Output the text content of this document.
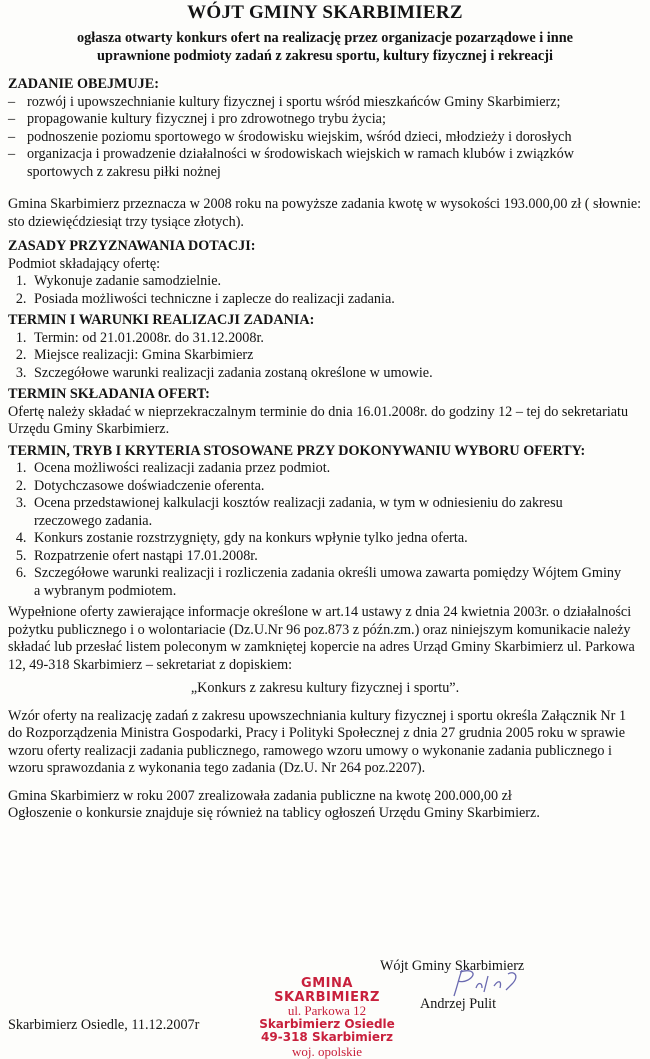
WÓJT GMINY SKARBIMIERZ
ogłasza otwarty konkurs ofert na realizację przez organizacje pozarządowe i inne
uprawnione podmioty zadań z zakresu sportu, kultury fizycznej i rekreacji
ZADANIE OBEJMUJE:
– rozwój i upowszechnianie kultury fizycznej i sportu wśród mieszkańców Gminy Skarbimierz;
– propagowanie kultury fizycznej i pro zdrowotnego trybu życia;
– podnoszenie poziomu sportowego w środowisku wiejskim, wśród dzieci, młodzieży i dorosłych
– organizacja i prowadzenie działalności w środowiskach wiejskich w ramach klubów i związków sportowych z zakresu piłki nożnej

Gmina Skarbimierz przeznacza w 2008 roku na powyższe zadania kwotę w wysokości 193.000,00 zł ( słownie: sto dziewięćdziesiąt trzy tysiące złotych).

ZASADY PRZYZNAWANIA DOTACJI:

Podmiot składający ofertę:

1. Wykonuje zadanie samodzielnie.
2. Posiada możliwości techniczne i zaplecze do realizacji zadania.
TERMIN I WARUNKI REALIZACJI ZADANIA:
1. Termin: od 21.01.2008r. do 31.12.2008r.
2. Miejsce realizacji: Gmina Skarbimierz
3. Szczegółowe warunki realizacji zadania zostaną określone w umowie.
TERMIN SKŁADANIA OFERT:

Ofertę należy składać w nieprzekraczalnym terminie do dnia 16.01.2008r. do godziny 12 – tej do sekretariatu Urzędu Gminy Skarbimierz.

TERMIN, TRYB I KRYTERIA STOSOWANE PRZY DOKONYWANIU WYBORU OFERTY:
1. Ocena możliwości realizacji zadania przez podmiot.
2. Dotychczasowe doświadczenie oferenta.
3. Ocena przedstawionej kalkulacji kosztów realizacji zadania, w tym w odniesieniu do zakresu rzeczowego zadania.
4. Konkurs zostanie rozstrzygnięty, gdy na konkurs wpłynie tylko jedna oferta.
5. Rozpatrzenie ofert nastąpi 17.01.2008r.
6. Szczegółowe warunki realizacji i rozliczenia zadania określi umowa zawarta pomiędzy Wójtem Gminy a wybranym podmiotem.

Wypełnione oferty zawierające informacje określone w art.14 ustawy z dnia 24 kwietnia 2003r. o działalności pożytku publicznego i o wolontariacie (Dz.U.Nr 96 poz.873 z późn.zm.) oraz niniejszym komunikacie należy składać lub przesłać listem poleconym w zamkniętej kopercie na adres Urząd Gminy Skarbimierz ul. Parkowa 12, 49-318 Skarbimierz – sekretariat z dopiskiem:

„Konkurs z zakresu kultury fizycznej i sportu”.

Wzór oferty na realizację zadań z zakresu upowszechniania kultury fizycznej i sportu określa Załącznik Nr 1 do Rozporządzenia Ministra Gospodarki, Pracy i Polityki Społecznej z dnia 27 grudnia 2005 roku w sprawie wzoru oferty realizacji zadania publicznego, ramowego wzoru umowy o wykonanie zadania publicznego i wzoru sprawozdania z wykonania tego zadania (Dz.U. Nr 264 poz.2207).

Gmina Skarbimierz w roku 2007 zrealizowała zadania publiczne na kwotę 200.000,00 zł

Ogłoszenie o konkursie znajduje się również na tablicy ogłoszeń Urzędu Gminy Skarbimierz.

Wójt Gminy Skarbimierz
Andrzej Pulit
Skarbimierz Osiedle, 11.12.2007r
GMINA SKARBIMIERZ
ul. Parkowa 12
Skarbimierz Osiedle
49-318 Skarbimierz
woj. opolskie
